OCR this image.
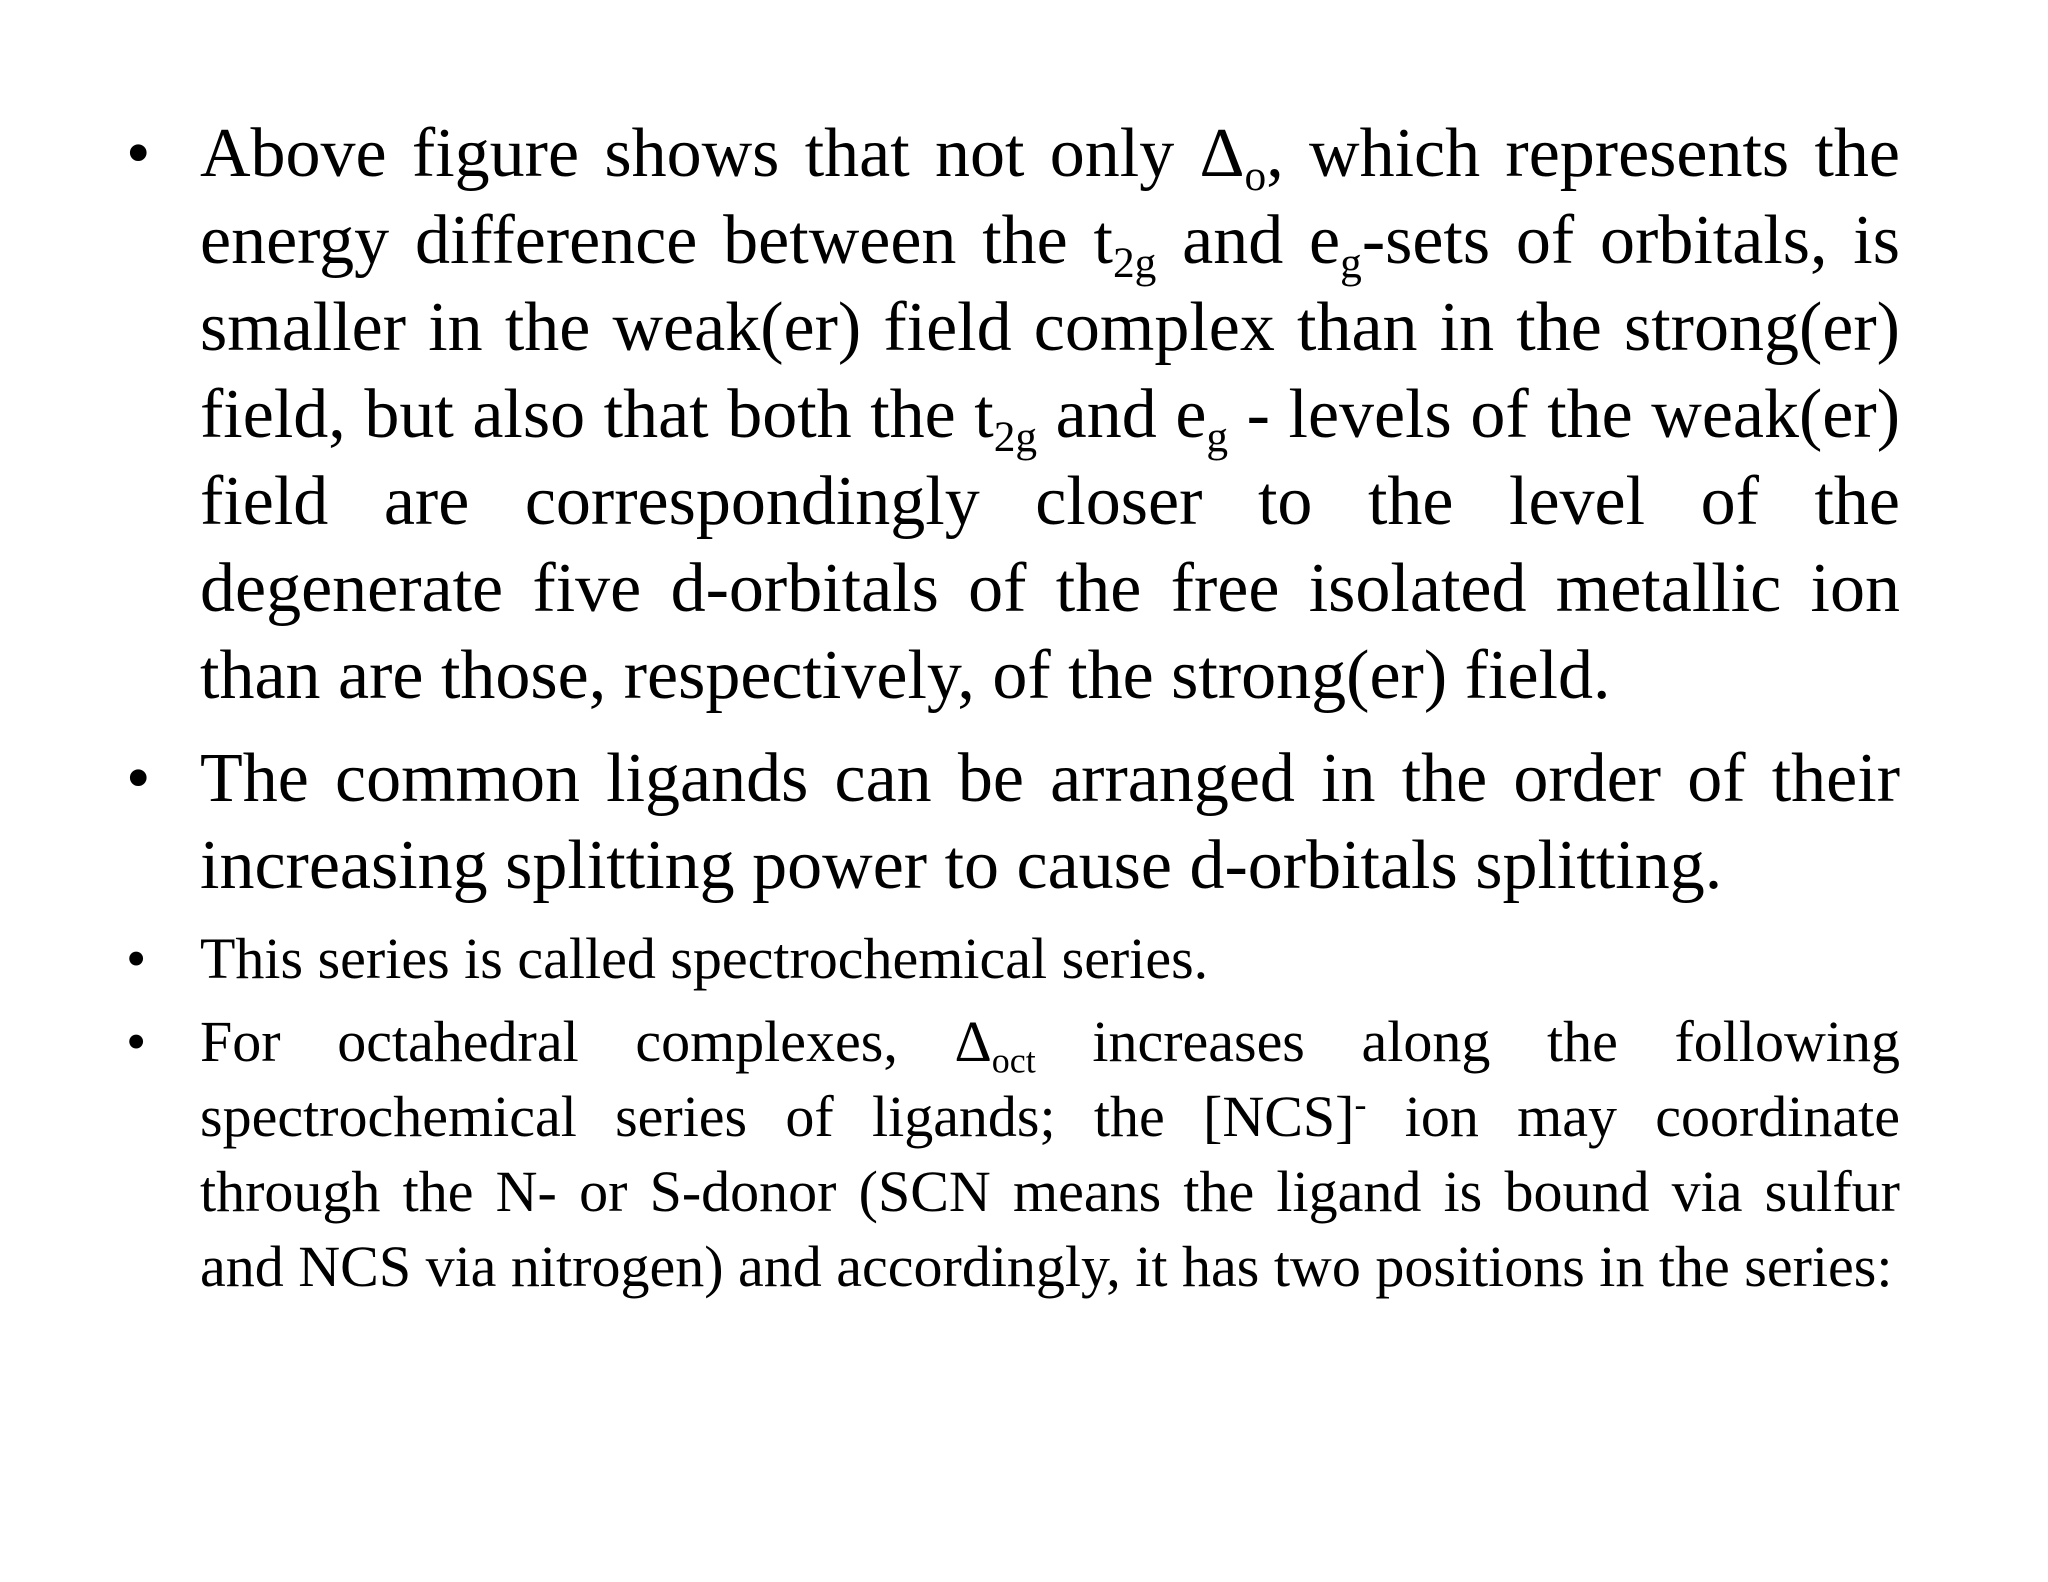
• Above figure shows that not only $\Delta_o$, which represents the energy difference between the $t_{2g}$ and $e_g$-sets of orbitals, is smaller in the weak(er) field complex than in the strong(er) field, but also that both the $t_{2g}$ and $e_g$ - levels of the weak(er) field are correspondingly closer to the level of the degenerate five d-orbitals of the free isolated metallic ion than are those, respectively, of the strong(er) field.
• The common ligands can be arranged in the order of their increasing splitting power to cause d-orbitals splitting.
• This series is called spectrochemical series.
• For octahedral complexes, $\Delta_{oct}$ increases along the following spectrochemical series of ligands; the [NCS]- ion may coordinate through the N- or S-donor (SCN means the ligand is bound via sulfur and NCS via nitrogen) and accordingly, it has two positions in the series:
